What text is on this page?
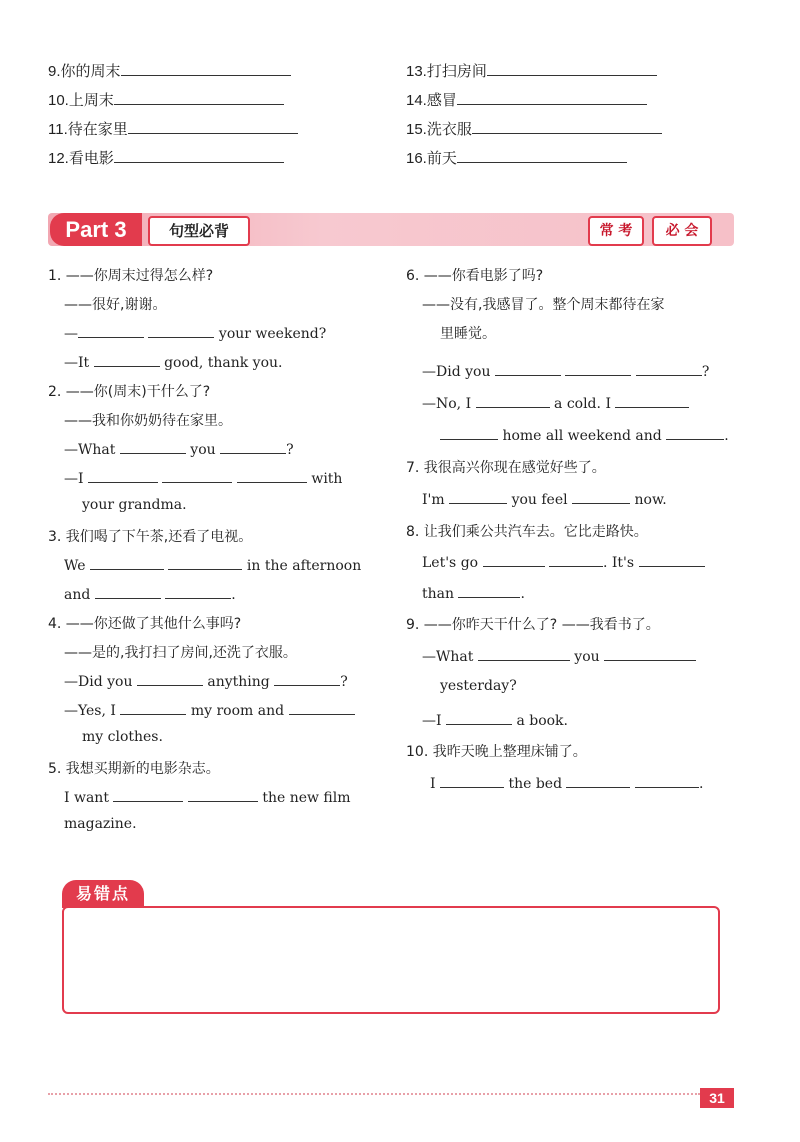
9.你的周末
10.上周末
11.待在家里
12.看电影
13.打扫房间
14.感冒
15.洗衣服
16.前天
Part 3	句型必背	常 考	必 会
1. ——你周末过得怎么样?
——很好,谢谢。
—	your weekend?
—It	good, thank you.
2. ——你(周末)干什么了?
——我和你奶奶待在家里。
—What	you	?
—I	with
your grandma.
3. 我们喝了下午茶,还看了电视。
We	in the afternoon
and	.
4. ——你还做了其他什么事吗?
——是的,我打扫了房间,还洗了衣服。
—Did you	anything	?
—Yes, I	my room and
my clothes.
5. 我想买期新的电影杂志。
I want	the new film
magazine.
6. ——你看电影了吗?
——没有,我感冒了。整个周末都待在家
里睡觉。
—Did you	?
—No, I	a cold. I
home all weekend and	.
7. 我很高兴你现在感觉好些了。
I'm	you feel	now.
8. 让我们乘公共汽车去。它比走路快。
Let's go	. It's
than	.
9. ——你昨天干什么了? ——我看书了。
—What	you
yesterday?
—I	a book.
10. 我昨天晚上整理床铺了。
I	the bed	.
易错点
31
